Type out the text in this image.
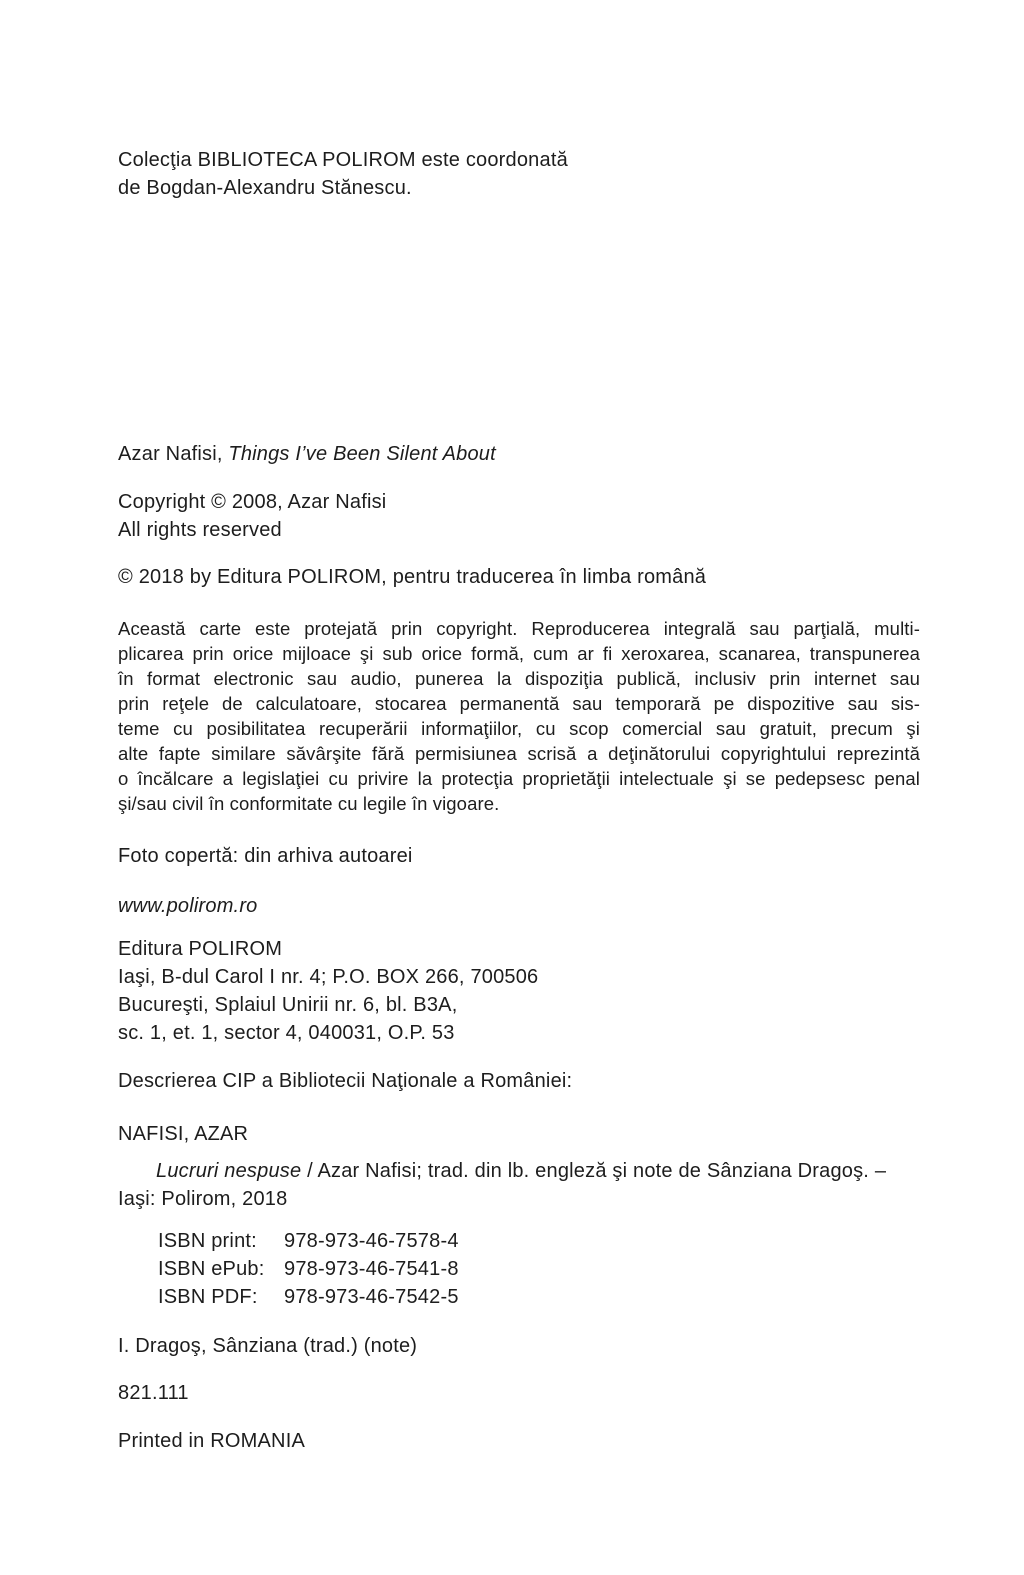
Colecţia BIBLIOTECA POLIROM este coordonată
de Bogdan-Alexandru Stănescu.

Azar Nafisi, Things I’ve Been Silent About

Copyright © 2008, Azar Nafisi
All rights reserved

© 2018 by Editura POLIROM, pentru traducerea în limba română

Această carte este protejată prin copyright. Reproducerea integrală sau parţială, multi-
plicarea prin orice mijloace şi sub orice formă, cum ar fi xeroxarea, scanarea, transpunerea
în format electronic sau audio, punerea la dispoziţia publică, inclusiv prin internet sau
prin reţele de calculatoare, stocarea permanentă sau temporară pe dispozitive sau sis-
teme cu posibilitatea recuperării informaţiilor, cu scop comercial sau gratuit, precum şi
alte fapte similare săvârşite fără permisiunea scrisă a deţinătorului copyrightului reprezintă
o încălcare a legislaţiei cu privire la protecţia proprietăţii intelectuale şi se pedepsesc penal

şi/sau civil în conformitate cu legile în vigoare.

Foto copertă: din arhiva autoarei

www.polirom.ro

Editura POLIROM
Iaşi, B-dul Carol I nr. 4; P.O. BOX 266, 700506
Bucureşti, Splaiul Unirii nr. 6, bl. B3A,
sc. 1, et. 1, sector 4, 040031, O.P. 53

Descrierea CIP a Bibliotecii Naţionale a României:

NAFISI, AZAR

Lucruri nespuse / Azar Nafisi; trad. din lb. engleză şi note de Sânziana Dragoş. –
Iaşi: Polirom, 2018

ISBN print: 978-973-46-7578-4
ISBN ePub: 978-973-46-7541-8
ISBN PDF: 978-973-46-7542-5

I. Dragoş, Sânziana (trad.) (note)

821.111

Printed in ROMANIA
